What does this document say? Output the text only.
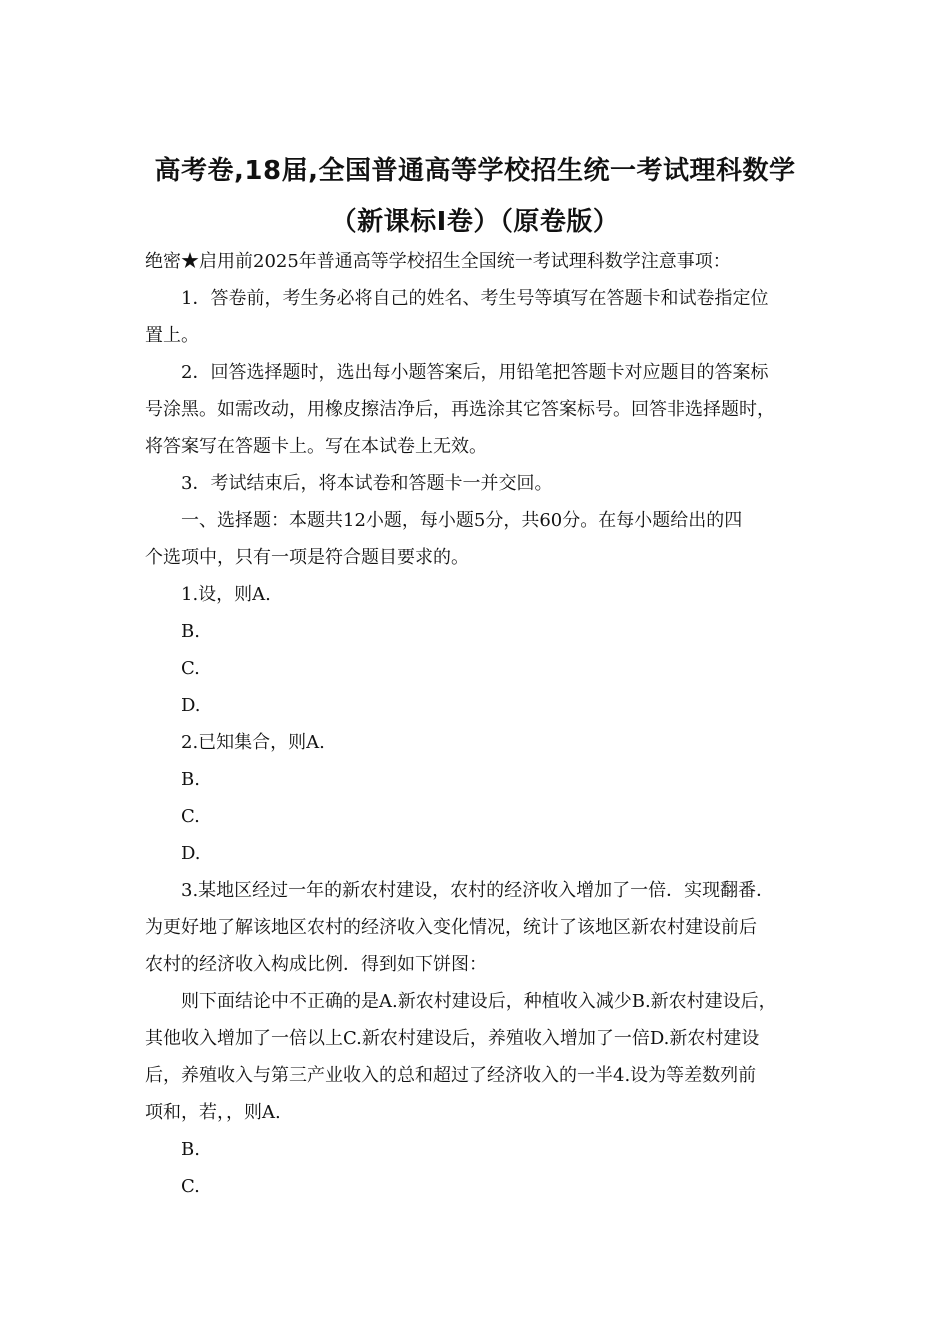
高考卷,18届,全国普通高等学校招生统一考试理科数学
（新课标Ⅰ卷）（原卷版）

绝密★启用前2025年普通高等学校招生全国统一考试理科数学注意事项：

1．答卷前，考生务必将自己的姓名、考生号等填写在答题卡和试卷指定位

置上。

2．回答选择题时，选出每小题答案后，用铅笔把答题卡对应题目的答案标

号涂黑。如需改动，用橡皮擦洁净后，再选涂其它答案标号。回答非选择题时，

将答案写在答题卡上。写在本试卷上无效。

3．考试结束后，将本试卷和答题卡一并交回。

一、选择题：本题共12小题，每小题5分，共60分。在每小题给出的四

个选项中，只有一项是符合题目要求的。

1.设，则A.

B.

C.

D.

2.已知集合，则A.

B.

C.

D.

3.某地区经过一年的新农村建设，农村的经济收入增加了一倍．实现翻番．

为更好地了解该地区农村的经济收入变化情况，统计了该地区新农村建设前后

农村的经济收入构成比例．得到如下饼图：

则下面结论中不正确的是A.新农村建设后，种植收入减少B.新农村建设后，

其他收入增加了一倍以上C.新农村建设后，养殖收入增加了一倍D.新农村建设

后，养殖收入与第三产业收入的总和超过了经济收入的一半4.设为等差数列前

项和，若，，则A.

B.

C.
